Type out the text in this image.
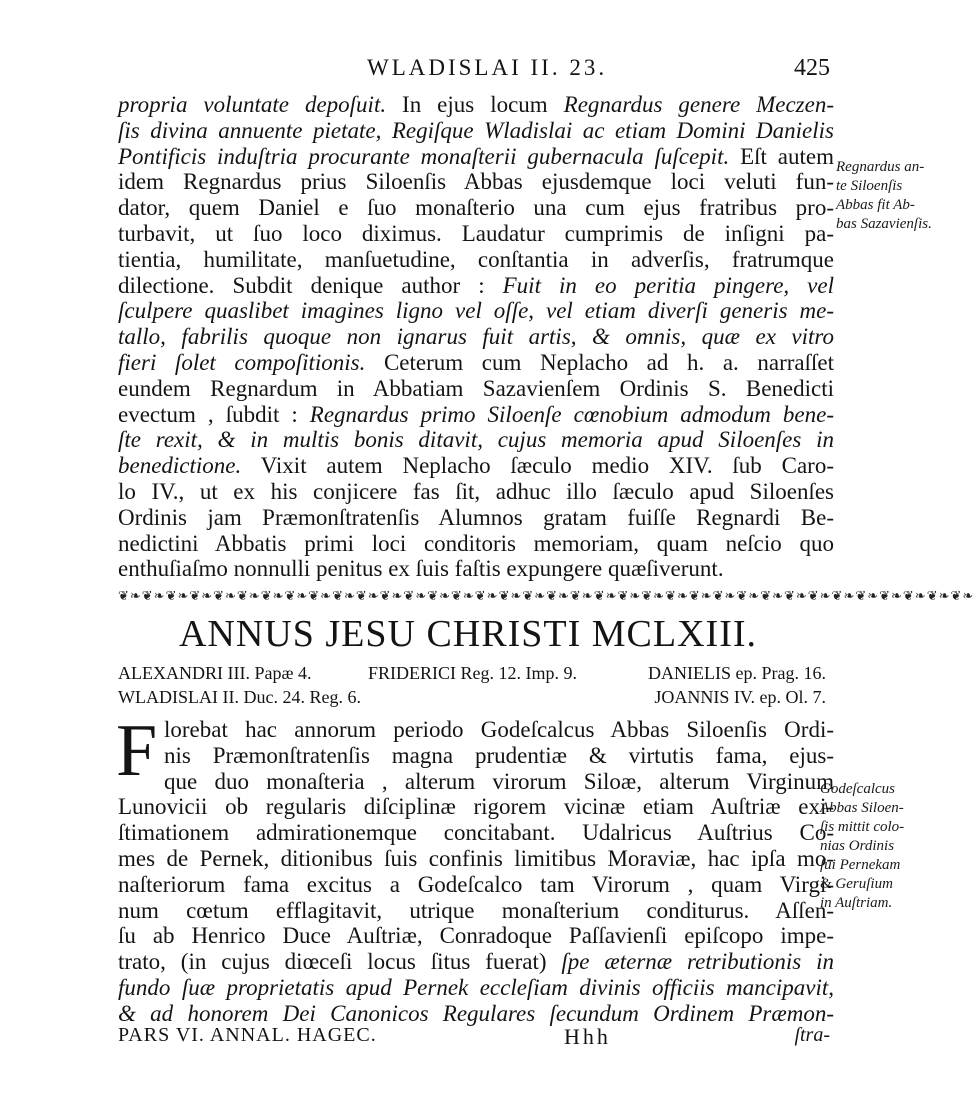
WLADISLAI II. 23.	425
propria voluntate depoſuit. In ejus locum Regnardus genere Meczen-
ſis divina annuente pietate, Regiſque Wladislai ac etiam Domini Danielis
Pontificis induſtria procurante monaſterii gubernacula ſuſcepit. Eſt autem
idem Regnardus prius Siloenſis Abbas ejusdemque loci veluti fun-
dator, quem Daniel e ſuo monaſterio una cum ejus fratribus pro-
turbavit, ut ſuo loco diximus. Laudatur cumprimis de inſigni pa-
tientia, humilitate, manſuetudine, conſtantia in adverſis, fratrumque
dilectione. Subdit denique author : Fuit in eo peritia pingere, vel
ſculpere quaslibet imagines ligno vel oſſe, vel etiam diverſi generis me-
tallo, fabrilis quoque non ignarus fuit artis, & omnis, quæ ex vitro
fieri ſolet compoſitionis. Ceterum cum Neplacho ad h. a. narraſſet
eundem Regnardum in Abbatiam Sazavienſem Ordinis S. Benedicti
evectum , ſubdit : Regnardus primo Siloenſe cœnobium admodum bene-
ſte rexit, & in multis bonis ditavit, cujus memoria apud Siloenſes in
benedictione. Vixit autem Neplacho ſæculo medio XIV. ſub Caro-
lo IV., ut ex his conjicere fas ſit, adhuc illo ſæculo apud Siloenſes
Ordinis jam Præmonſtratenſis Alumnos gratam fuiſſe Regnardi Be-
nedictini Abbatis primi loci conditoris memoriam, quam neſcio quo
enthuſiaſmo nonnulli penitus ex ſuis faſtis expungere quæſiverunt.
Regnardus an-
te Siloenſis
Abbas fit Ab-
bas Sazavienſis.
❦❧❦❧❦❧❦❧❦❧❦❧❦❧❦❧❦❧❦❧❦❧❦❧❦❧❦❧❦❧❦❧❦❧❦❧❦❧❦❧❦❧❦❧❦❧❦❧❦❧❦❧❦❧❦❧❦❧❦❧❦❧❦❧❦❧❦❧❦❧❦❧
ANNUS JESU CHRISTI MCLXIII.
ALEXANDRI III. Papæ 4.	FRIDERICI Reg. 12. Imp. 9.	DANIELIS ep. Prag. 16.
WLADISLAI II. Duc. 24. Reg. 6.	JOANNIS IV. ep. Ol. 7.
F lorebat hac annorum periodo Godeſcalcus Abbas Siloenſis Ordi-
nis Præmonſtratenſis magna prudentiæ & virtutis fama, ejus-
que duo monaſteria , alterum virorum Siloæ, alterum Virginum
Lunovicii ob regularis diſciplinæ rigorem vicinæ etiam Auſtriæ exi-
ſtimationem admirationemque concitabant. Udalricus Auſtrius Co-
mes de Pernek, ditionibus ſuis confinis limitibus Moraviæ, hac ipſa mo-
naſteriorum fama excitus a Godeſcalco tam Virorum , quam Virgi-
num cœtum efflagitavit, utrique monaſterium conditurus. Aſſen-
ſu ab Henrico Duce Auſtriæ, Conradoque Paſſavienſi epiſcopo impe-
trato, (in cujus diœceſi locus ſitus fuerat) ſpe æternæ retributionis in
fundo ſuæ proprietatis apud Pernek eccleſiam divinis officiis mancipavit,
& ad honorem Dei Canonicos Regulares ſecundum Ordinem Præmon-
Godeſcalcus
Abbas Siloen-
ſis mittit colo-
nias Ordinis
ſui Pernekam
& Geruſium
in Auſtriam.
PARS VI. ANNAL. HAGEC.	Hhh	ſtra-
